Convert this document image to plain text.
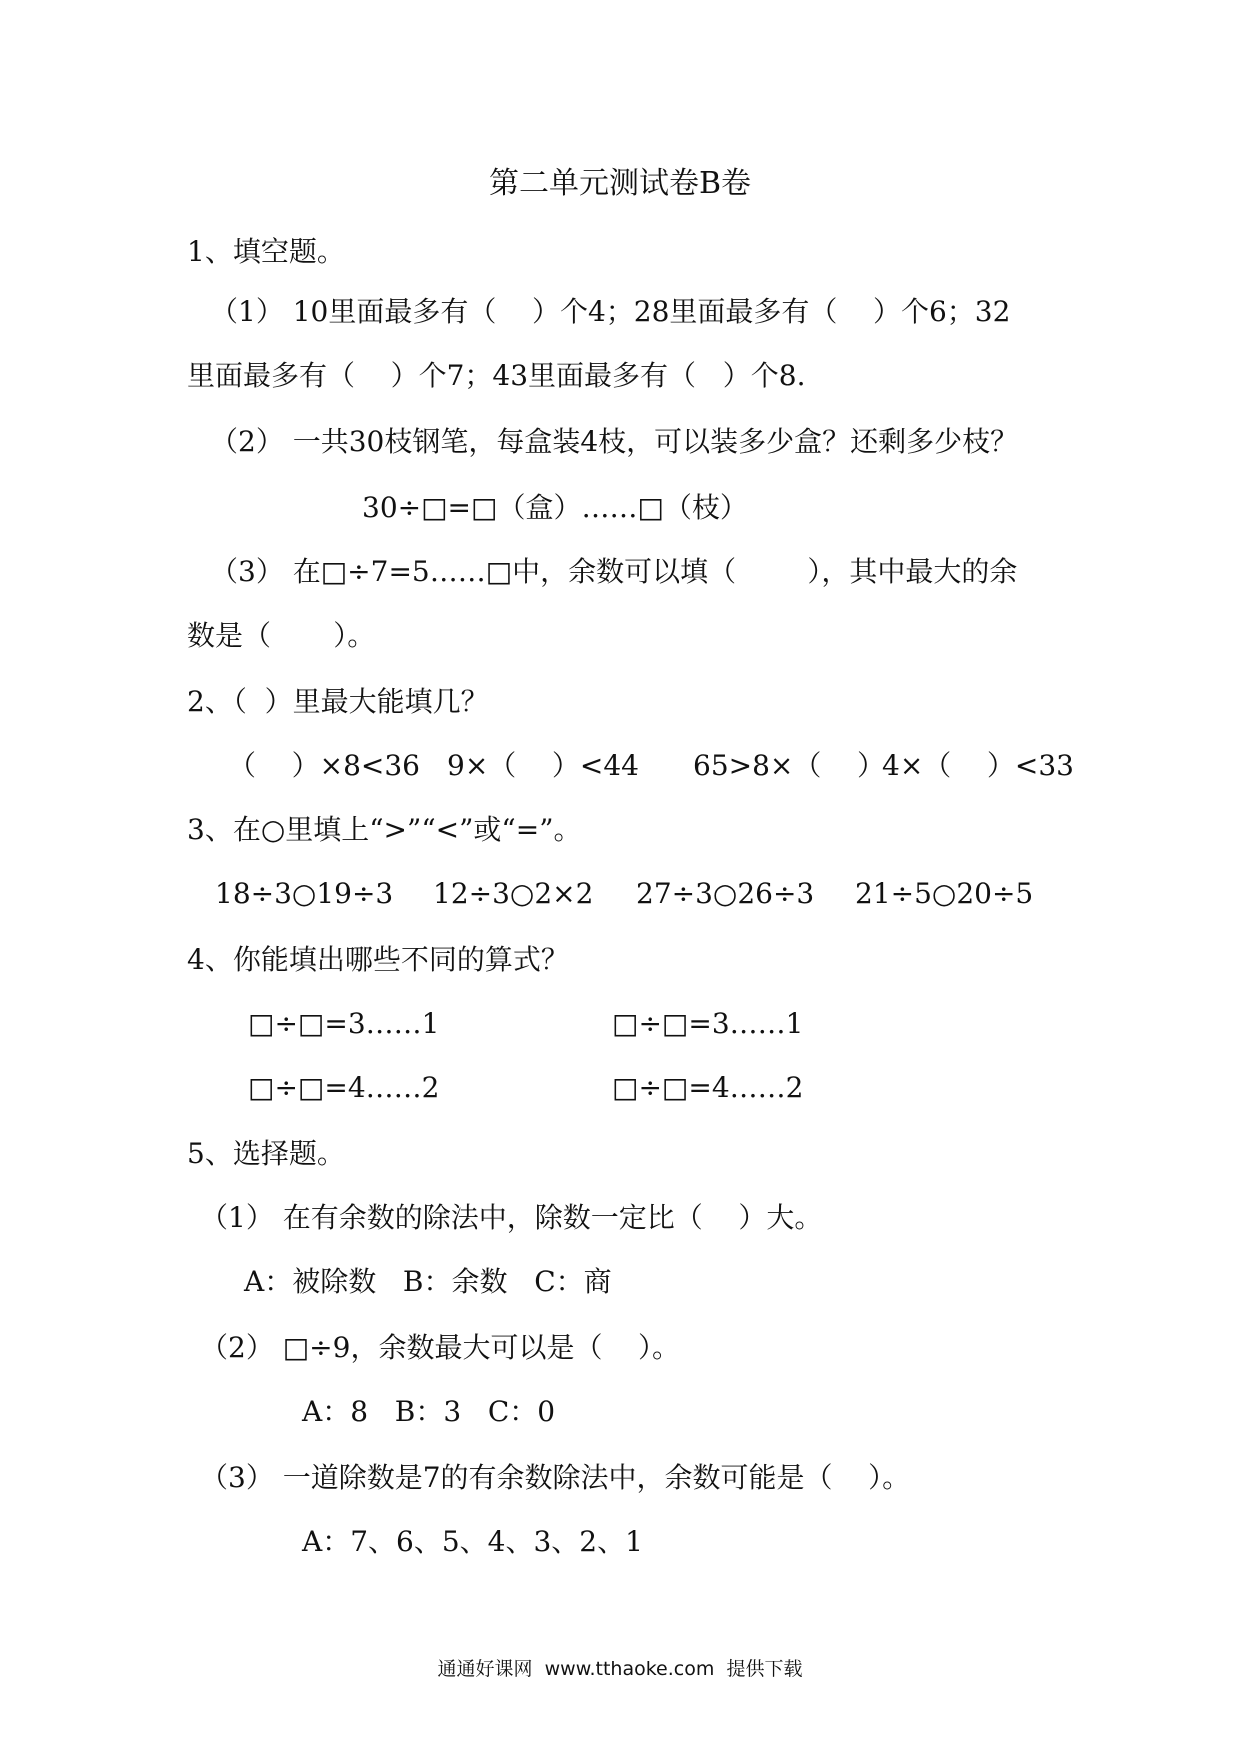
第二单元测试卷B卷
1、填空题。
（1） 10里面最多有（    ）个4；28里面最多有（    ）个6；32
里面最多有（    ）个7；43里面最多有（   ）个8.
（2） 一共30枝钢笔，每盒装4枝，可以装多少盒？还剩多少枝？
30÷□=□（盒）……□（枝）
（3） 在□÷7=5……□中，余数可以填（        ），其中最大的余
数是（       ）。
2、（  ）里最大能填几？
（    ）×8<36 9×（    ）<44 65>8×（    ）
4×（    ）<33
3、在○里填上“>”“<”或“=”。
18÷3○19÷3 12÷3○2×2 27÷3○26÷3 21÷5○20÷5
4、你能填出哪些不同的算式？
□÷□=3……1	□÷□=3……1
□÷□=4……2	□÷□=4……2
5、选择题。
（1） 在有余数的除法中，除数一定比（    ）大。
A：被除数   B：余数   C：商
（2） □÷9，余数最大可以是（    ）。
A：8   B：3   C：0
（3） 一道除数是7的有余数除法中，余数可能是（    ）。
A：7、6、5、4、3、2、1
通通好课网  www.tthaoke.com  提供下载
